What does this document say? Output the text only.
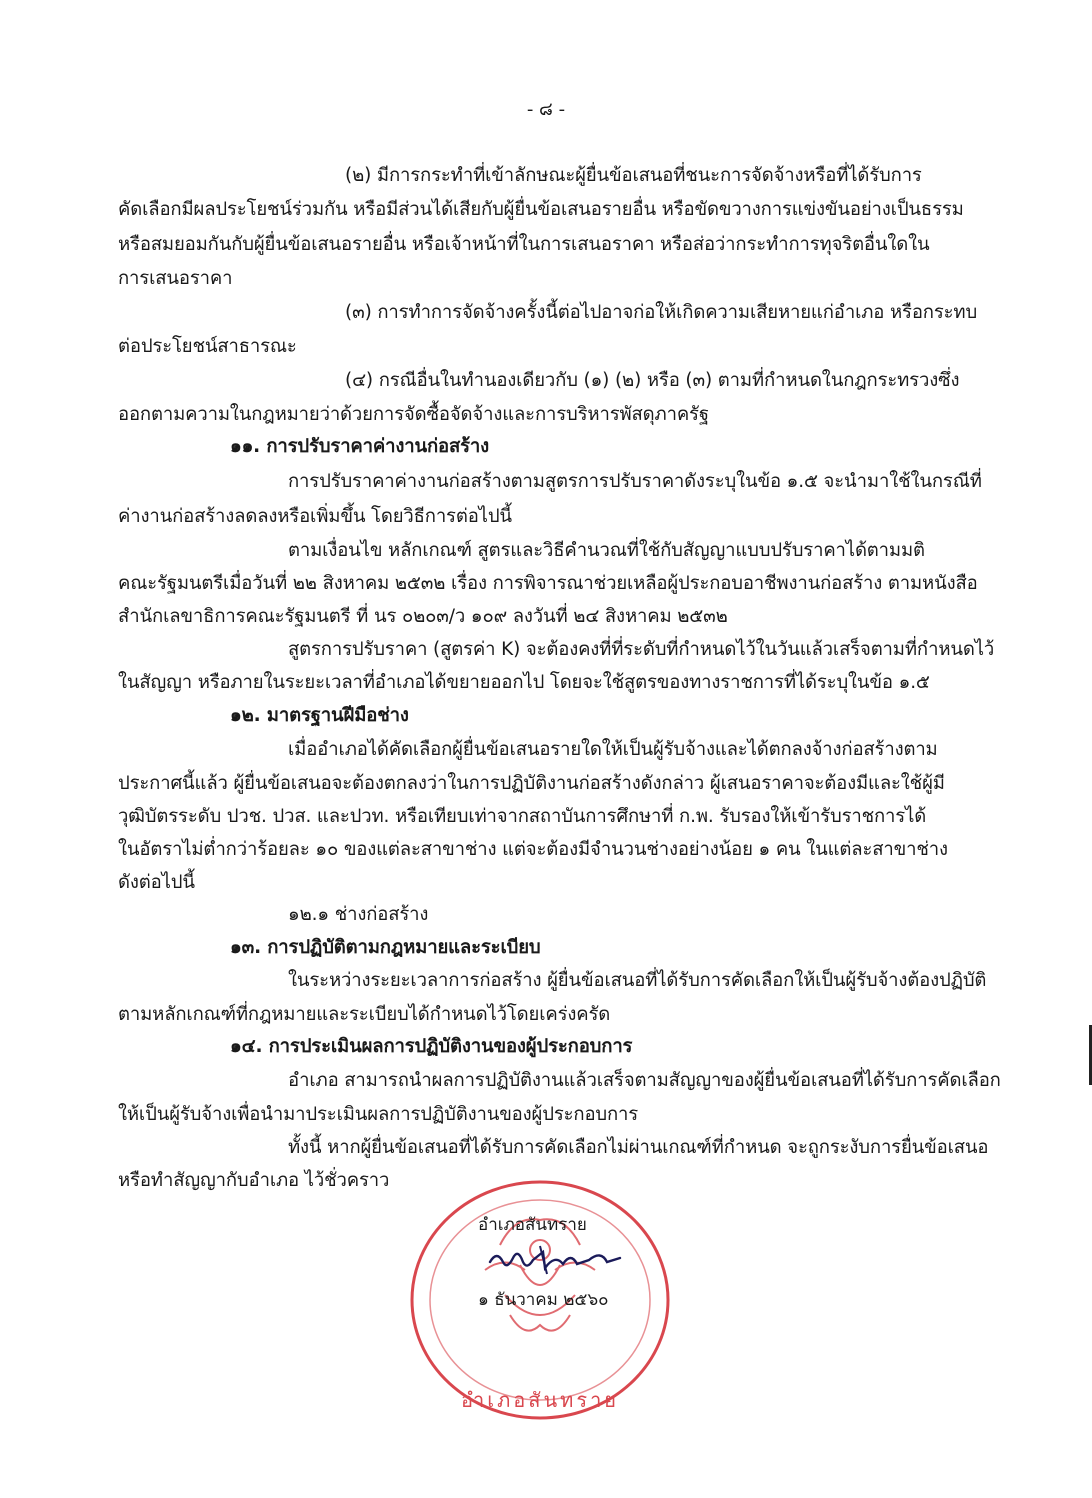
- ๘ -
(๒) มีการกระทำที่เข้าลักษณะผู้ยื่นข้อเสนอที่ชนะการจัดจ้างหรือที่ได้รับการ
คัดเลือกมีผลประโยชน์ร่วมกัน หรือมีส่วนได้เสียกับผู้ยื่นข้อเสนอรายอื่น หรือขัดขวางการแข่งขันอย่างเป็นธรรม
หรือสมยอมกันกับผู้ยื่นข้อเสนอรายอื่น หรือเจ้าหน้าที่ในการเสนอราคา หรือส่อว่ากระทำการทุจริตอื่นใดใน
การเสนอราคา
(๓) การทำการจัดจ้างครั้งนี้ต่อไปอาจก่อให้เกิดความเสียหายแก่อำเภอ หรือกระทบ
ต่อประโยชน์สาธารณะ
(๔) กรณีอื่นในทำนองเดียวกับ (๑) (๒) หรือ (๓) ตามที่กำหนดในกฎกระทรวงซึ่ง
ออกตามความในกฎหมายว่าด้วยการจัดซื้อจัดจ้างและการบริหารพัสดุภาครัฐ
๑๑. การปรับราคาค่างานก่อสร้าง
การปรับราคาค่างานก่อสร้างตามสูตรการปรับราคาดังระบุในข้อ ๑.๕ จะนำมาใช้ในกรณีที่
ค่างานก่อสร้างลดลงหรือเพิ่มขึ้น โดยวิธีการต่อไปนี้
ตามเงื่อนไข หลักเกณฑ์ สูตรและวิธีคำนวณที่ใช้กับสัญญาแบบปรับราคาได้ตามมติ
คณะรัฐมนตรีเมื่อวันที่ ๒๒ สิงหาคม ๒๕๓๒ เรื่อง การพิจารณาช่วยเหลือผู้ประกอบอาชีพงานก่อสร้าง ตามหนังสือ
สำนักเลขาธิการคณะรัฐมนตรี ที่ นร ๐๒๐๓/ว ๑๐๙ ลงวันที่ ๒๔ สิงหาคม ๒๕๓๒
สูตรการปรับราคา (สูตรค่า K) จะต้องคงที่ที่ระดับที่กำหนดไว้ในวันแล้วเสร็จตามที่กำหนดไว้
ในสัญญา หรือภายในระยะเวลาที่อำเภอได้ขยายออกไป โดยจะใช้สูตรของทางราชการที่ได้ระบุในข้อ ๑.๕
๑๒. มาตรฐานฝีมือช่าง
เมื่ออำเภอได้คัดเลือกผู้ยื่นข้อเสนอรายใดให้เป็นผู้รับจ้างและได้ตกลงจ้างก่อสร้างตาม
ประกาศนี้แล้ว ผู้ยื่นข้อเสนอจะต้องตกลงว่าในการปฏิบัติงานก่อสร้างดังกล่าว ผู้เสนอราคาจะต้องมีและใช้ผู้มี
วุฒิบัตรระดับ ปวช. ปวส. และปวท. หรือเทียบเท่าจากสถาบันการศึกษาที่ ก.พ. รับรองให้เข้ารับราชการได้
ในอัตราไม่ต่ำกว่าร้อยละ ๑๐ ของแต่ละสาขาช่าง แต่จะต้องมีจำนวนช่างอย่างน้อย ๑ คน ในแต่ละสาขาช่าง
ดังต่อไปนี้
๑๒.๑ ช่างก่อสร้าง
๑๓. การปฏิบัติตามกฎหมายและระเบียบ
ในระหว่างระยะเวลาการก่อสร้าง ผู้ยื่นข้อเสนอที่ได้รับการคัดเลือกให้เป็นผู้รับจ้างต้องปฏิบัติ
ตามหลักเกณฑ์ที่กฎหมายและระเบียบได้กำหนดไว้โดยเคร่งครัด
๑๔. การประเมินผลการปฏิบัติงานของผู้ประกอบการ
อำเภอ สามารถนำผลการปฏิบัติงานแล้วเสร็จตามสัญญาของผู้ยื่นข้อเสนอที่ได้รับการคัดเลือก
ให้เป็นผู้รับจ้างเพื่อนำมาประเมินผลการปฏิบัติงานของผู้ประกอบการ
ทั้งนี้ หากผู้ยื่นข้อเสนอที่ได้รับการคัดเลือกไม่ผ่านเกณฑ์ที่กำหนด จะถูกระงับการยื่นข้อเสนอ
หรือทำสัญญากับอำเภอ ไว้ชั่วคราว
อำเภอสันทราย
อำเภอสันทราย
๑ ธันวาคม ๒๕๖๐
